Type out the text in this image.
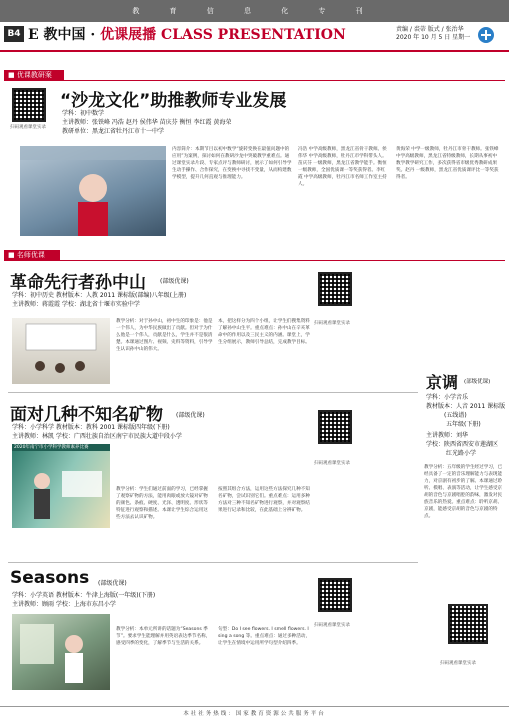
教 育 信 息 化 专 刊
B4 E 教中国 · 优课展播 CLASS PRESENTATION	责编 / 裘蒂 版式 / 张治华
2020 年 10 月 5 日 星期一
■ 优课教研案
扫码观看课堂实录
“沙龙文化”助推教师专业发展
学科：初中数学
主讲教师：张铁峰 冯浩 赵丹 侯伟华 苗庆芬 衡恒 李红霞 黄海荣
教研单位：黑龙江省牡丹江市十一中学
内容简介：本期节目以初中数学“旋转变换在最值问题中的应用”为案例，探讨如何在教研沙龙中突破教学重难点。通过课堂实录片段、专家点评与教师研讨，展示了如何引导学生动手操作、合作探究，在变换中寻找不变量，从而构建数学模型，提升几何直观与推理能力。
冯浩 中学高级教师，黑龙江省骨干教师。侯伟华 中学高级教师，牡丹江市学科带头人。苗庆芬 一级教师，黑龙江省教学能手。衡恒 一级教师，全国优质课一等奖获得者。李红霞 中学高级教师，牡丹江市名师工作室主持人。
黄海荣 中学一级教师，牡丹江市骨干教师。张铁峰 中学高级教师，黑龙江省特级教师，长期从事初中数学教学研究工作，多次获得省市级优秀教研成果奖。赵丹 一级教师，黑龙江省优质课评比一等奖获得者。
■ 名师优课
革命先行者孙中山 (部级优课)
学科：初中历史 教材版本：人教 2011 课标版(部编)八年级(上册)
主讲教师：蒋霞霞 学校：湖北省十堰市实验中学
扫码观看课堂实录
教学分析：对于孙中山，初中生的印象是：他是一个伟人，为中华民族做出了贡献。但对于为什么他是一个伟人，贡献是什么，学生并不是很清楚。本课通过图片、视频、史料等资料，引导学生认识孙中山的伟大。
本，把这样分为四个小组，让学生们搜集资料了解孙中山生平。重点难点：孙中山在辛亥革命中的作用以及三民主义的内涵。课堂上，学生分组展示，教师引导总结，完成教学目标。
面对几种不知名矿物 (部级优课)
学科：小学科学 教材版本：教科 2001 课标版四年级(下册)
主讲教师：林凯 学校：广西壮族自治区南宁市民族大道中段小学
扫码观看课堂实录
2020年南宁市小学科学教师素养比赛
教学分析：学生们通过前面的学习，已经掌握了观察矿物的方法，能用肉眼或放大镜对矿物的颜色、条痕、硬度、光泽、透明度、形状等特征进行观察和描述。本课让学生综合运用这些方法去认识矿物。
按照其组合方法，运用这些方法探究几种不知名矿物，尝试识别它们。重点难点：运用多种方法对三种不知名矿物进行观察，并对观察结果进行记录和比较，在此基础上分辨矿物。
京调 (部级优课)
学科：小学音乐
教材版本：人音 2011 课标版
(五线谱)
五年级(下册)
主讲教师：刘华
学校：陕西省西安市莲湖区
红光路小学
教学分析：五年级的学生经过学习，已经具备了一定的音乐理解能力与表现能力，对京剧有初步的了解。本课通过聆听、模唱、表演等活动，让学生感受京胡的音色与京剧唱腔的韵味，激发对民族音乐的热爱。重点难点：聆听京胡、京剧，能感受京胡的音色与京剧的特点。
扫码观看课堂实录
Seasons (部级优课)
学科：小学英语 教材版本：牛津上海版(一年级)(下册)
主讲教师：顾雨 学校：上海市东昌小学
扫码观看课堂实录
教学分析：本单元所讲的话题为“Seasons 季节”。要求学生能理解并用英语表达季节名称，感受四季的变化，了解季节与生活的关系。
句型：Do I see flowers. I smell flowers. I sing a song 等。重点难点：通过多种活动，让学生在情境中运用所学句型介绍四季。
本社社务热线：国家教育资源公共服务平台
